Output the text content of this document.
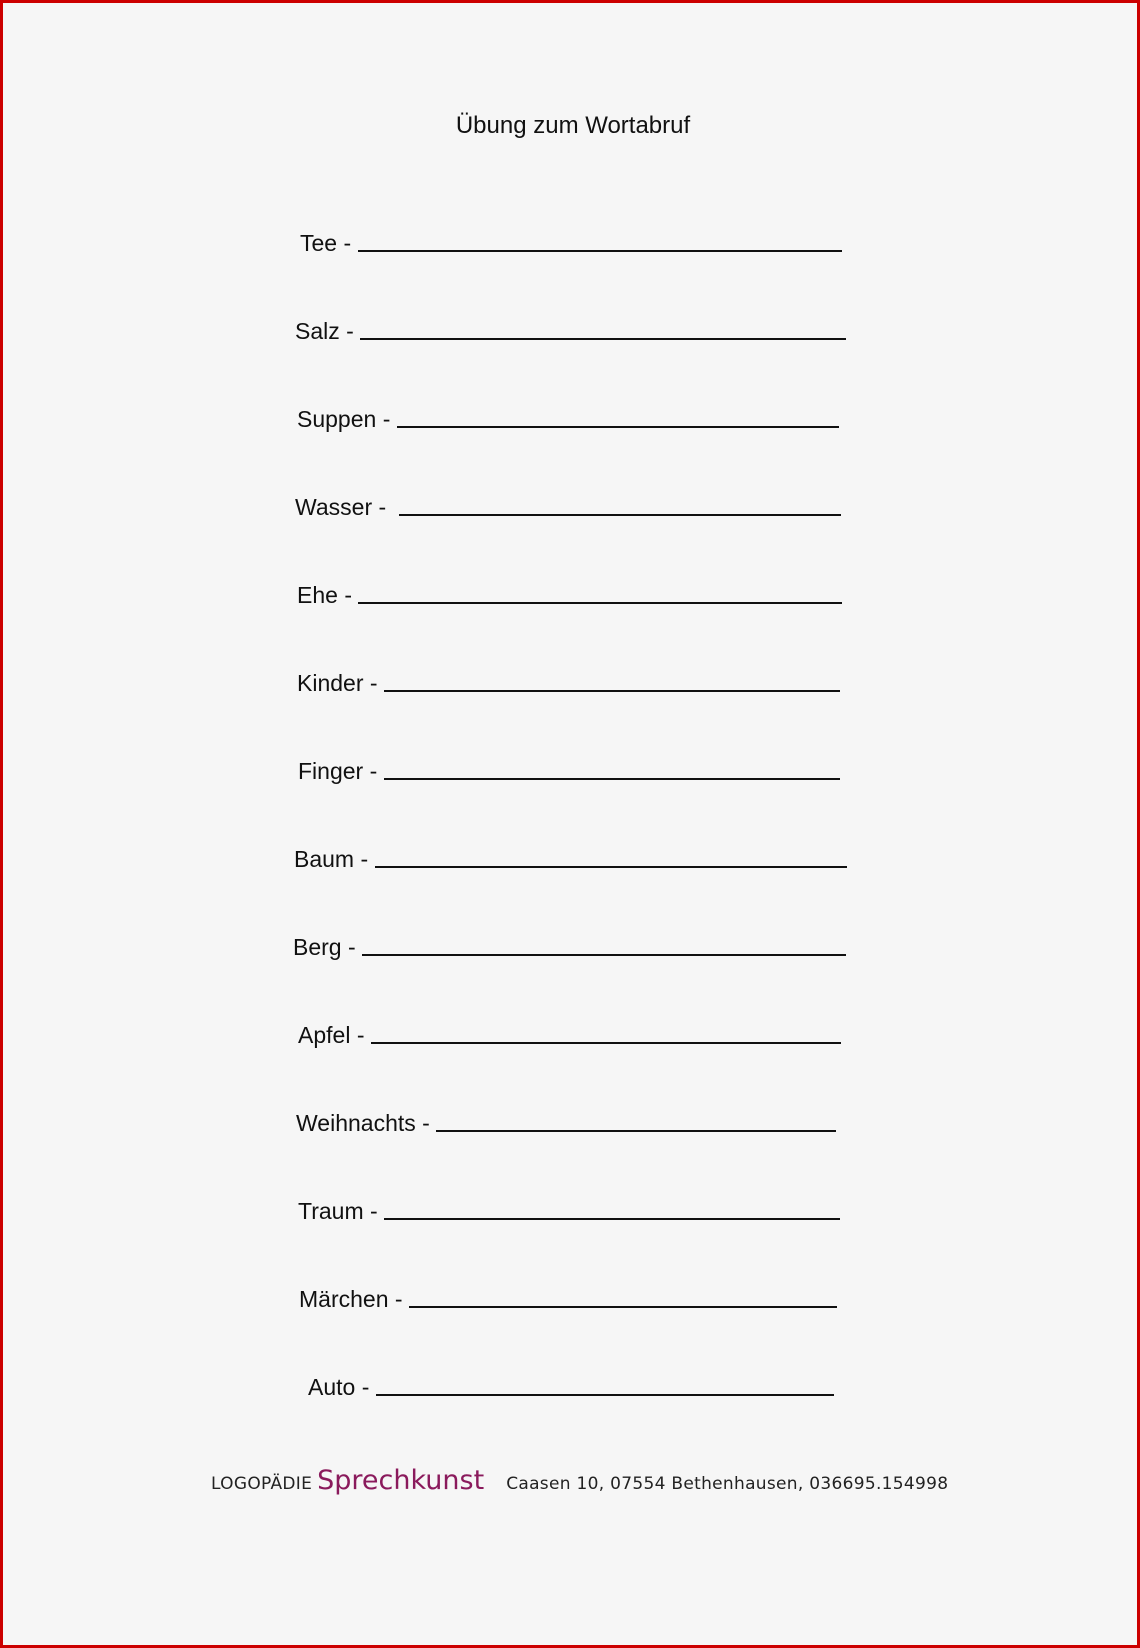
Übung zum Wortabruf
Tee -
Salz -
Suppen -
Wasser -
Ehe -
Kinder -
Finger -
Baum -
Berg -
Apfel -
Weihnachts -
Traum -
Märchen -
Auto -
LOGOPÄDIE Sprechkunst Caasen 10, 07554 Bethenhausen, 036695.154998
